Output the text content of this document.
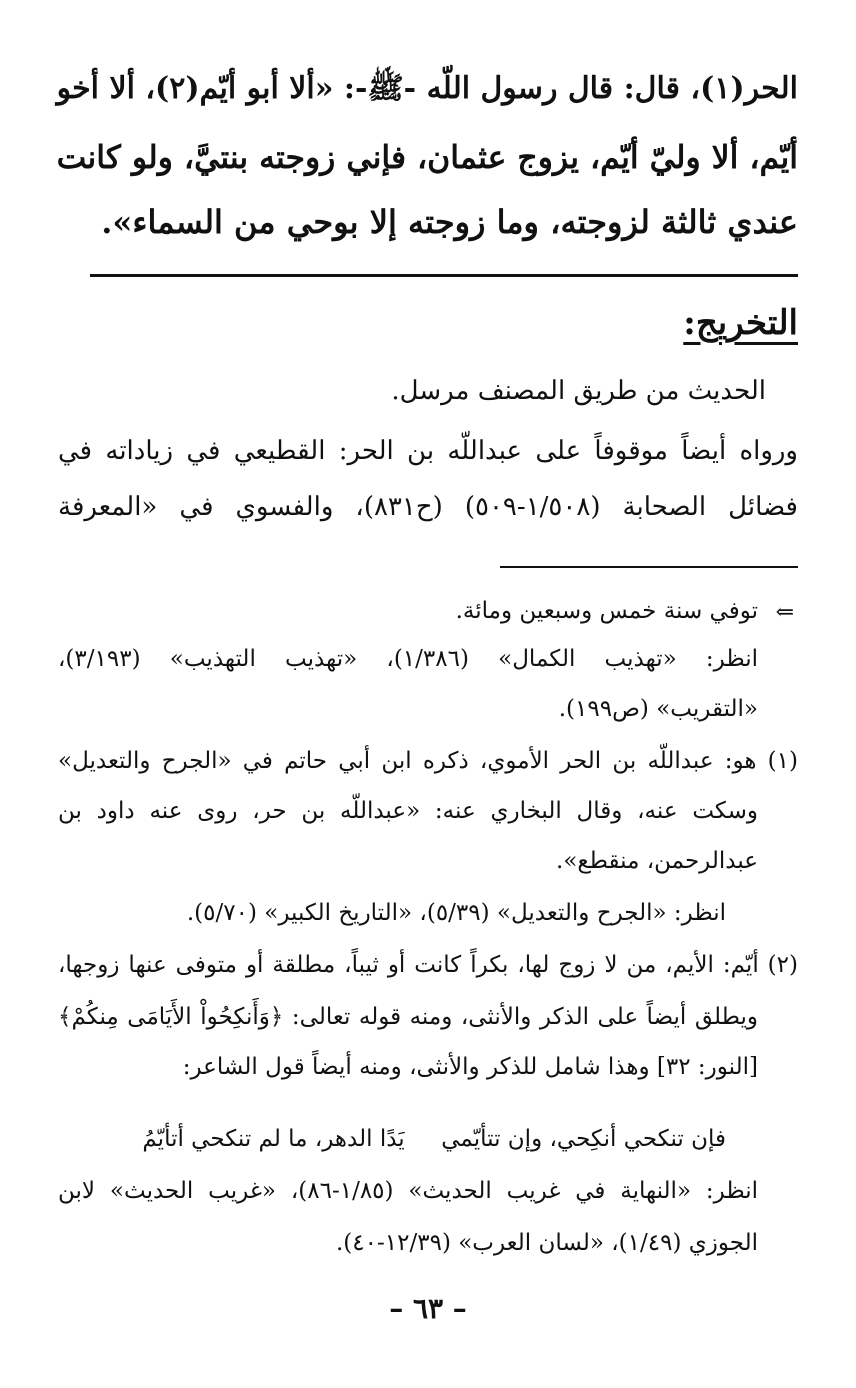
الحر(١)، قال: قال رسول اللّه -ﷺ-: «ألا أبو أيّم(٢)، ألا أخو
أيّم، ألا وليّ أيّم، يزوج عثمان، فإني زوجته بنتيَّ، ولو كانت
عندي ثالثة لزوجته، وما زوجته إلا بوحي من السماء».
التخريج:
الحديث من طريق المصنف مرسل.
ورواه أيضاً موقوفاً على عبداللّه بن الحر: القطيعي في زياداته في
فضائل الصحابة (١/٥٠٨-٥٠٩) (ح٨٣١)، والفسوي في «المعرفة
⇐
توفي سنة خمس وسبعين ومائة.
انظر: «تهذيب الكمال» (١/٣٨٦)، «تهذيب التهذيب» (٣/١٩٣)،
«التقريب» (ص١٩٩).
(١) هو: عبداللّه بن الحر الأموي، ذكره ابن أبي حاتم في «الجرح والتعديل»
وسكت عنه، وقال البخاري عنه: «عبداللّه بن حر، روى عنه داود بن
عبدالرحمن، منقطع».
انظر: «الجرح والتعديل» (٥/٣٩)، «التاريخ الكبير» (٥/٧٠).
(٢) أيّم: الأيم، من لا زوج لها، بكراً كانت أو ثيباً، مطلقة أو متوفى عنها زوجها،
ويطلق أيضاً على الذكر والأنثى، ومنه قوله تعالى: ﴿وَأَنكِحُواْ الأَيَامَى مِنكُمْ﴾
[النور: ٣٢] وهذا شامل للذكر والأنثى، ومنه أيضاً قول الشاعر:
فإن تنكحي أنكِحي، وإن تتأيّمي     يَدًا الدهر، ما لم تنكحي أتأيّمُ
انظر: «النهاية في غريب الحديث» (١/٨٥-٨٦)، «غريب الحديث» لابن
الجوزي (١/٤٩)، «لسان العرب» (١٢/٣٩-٤٠).
– ٦٣ –
